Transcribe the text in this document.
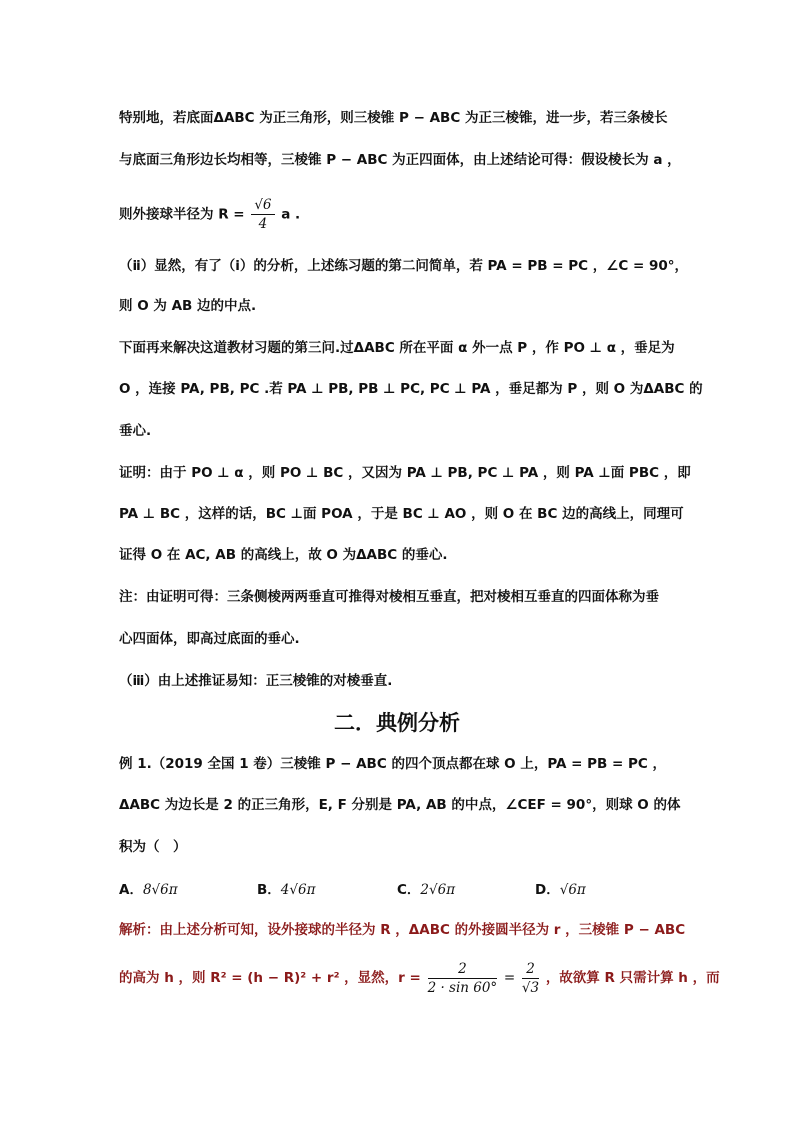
特别地，若底面ΔABC 为正三角形，则三棱锥 P − ABC 为正三棱锥，进一步，若三条棱长
与底面三角形边长均相等，三棱锥 P − ABC 为正四面体，由上述结论可得：假设棱长为 a ，
则外接球半径为 $R = \frac{√6}{4}$ a .
（ⅱ）显然，有了（ⅰ）的分析，上述练习题的第二问简单，若 PA = PB = PC ，∠C = 90°，
则 O 为 AB 边的中点.
下面再来解决这道教材习题的第三问.过ΔABC 所在平面 α 外一点 P ，作 PO ⊥ α ，垂足为
O ，连接 PA, PB, PC .若 PA ⊥ PB, PB ⊥ PC, PC ⊥ PA ，垂足都为 P ，则 O 为ΔABC 的
垂心.
证明：由于 PO ⊥ α ，则 PO ⊥ BC ，又因为 PA ⊥ PB, PC ⊥ PA ，则 PA ⊥面 PBC ，即
PA ⊥ BC ，这样的话，BC ⊥面 POA ，于是 BC ⊥ AO ，则 O 在 BC 边的高线上，同理可
证得 O 在 AC, AB 的高线上，故 O 为ΔABC 的垂心.
注：由证明可得：三条侧棱两两垂直可推得对棱相互垂直，把对棱相互垂直的四面体称为垂
心四面体，即高过底面的垂心.
（ⅲ）由上述推证易知：正三棱锥的对棱垂直.
二．典例分析
例 1.（2019 全国 1 卷）三棱锥 P − ABC 的四个顶点都在球 O 上，PA = PB = PC ，
ΔABC 为边长是 2 的正三角形，E, F 分别是 PA, AB 的中点，∠CEF = 90°，则球 O 的体
积为（　）
A．8√6π	B．4√6π	C．2√6π	D．√6π
解析：由上述分析可知，设外接球的半径为 R ，ΔABC 的外接圆半径为 r ，三棱锥 P − ABC
的高为 h ，则 R² = (h − R)² + r² ，显然，$r = \frac{2}{2 \cdot \sin 60^\circ} = \frac{2}{√3}$ ，故欲算 R 只需计算 h ，而
